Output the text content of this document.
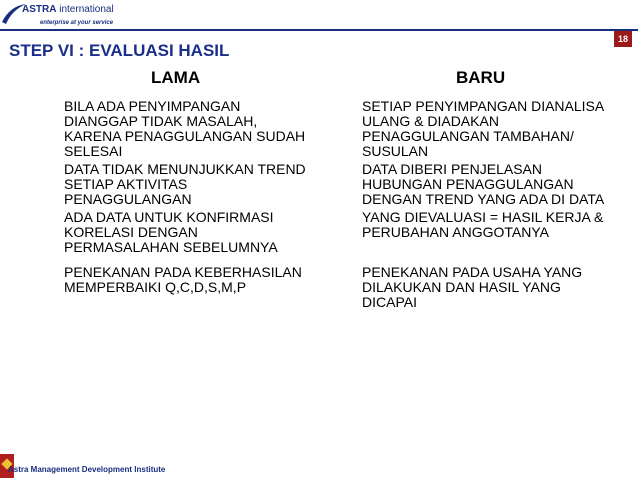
ASTRA international
enterprise at your service
18
STEP VI : EVALUASI HASIL
LAMA	BARU
BILA ADA PENYIMPANGAN
DIANGGAP TIDAK MASALAH,
KARENA PENAGGULANGAN SUDAH
SELESAI
SETIAP PENYIMPANGAN DIANALISA
ULANG & DIADAKAN
PENAGGULANGAN TAMBAHAN/
SUSULAN
DATA TIDAK MENUNJUKKAN TREND
SETIAP AKTIVITAS
PENAGGULANGAN
DATA DIBERI PENJELASAN
HUBUNGAN PENAGGULANGAN
DENGAN TREND YANG ADA DI DATA
ADA DATA UNTUK KONFIRMASI
KORELASI DENGAN
PERMASALAHAN SEBELUMNYA
YANG DIEVALUASI = HASIL KERJA &
PERUBAHAN ANGGOTANYA
PENEKANAN PADA KEBERHASILAN
MEMPERBAIKI Q,C,D,S,M,P
PENEKANAN PADA USAHA YANG
DILAKUKAN DAN HASIL YANG
DICAPAI
Astra Management Development Institute
